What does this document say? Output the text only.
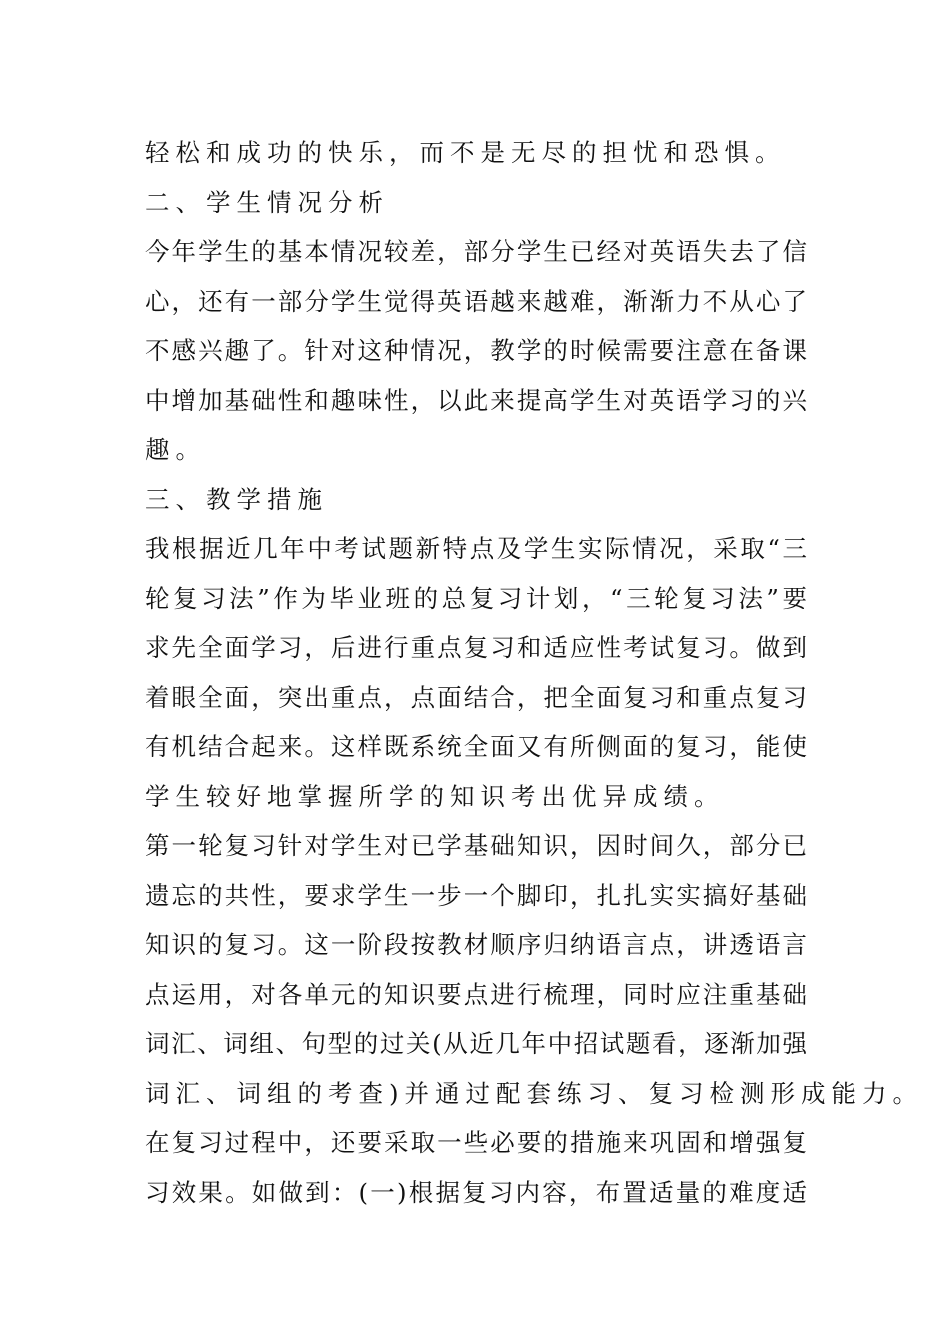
轻松和成功的快乐，而不是无尽的担忧和恐惧。
二、学生情况分析
今年学生的基本情况较差，部分学生已经对英语失去了信
心，还有一部分学生觉得英语越来越难，渐渐力不从心了
不感兴趣了。针对这种情况，教学的时候需要注意在备课
中增加基础性和趣味性，以此来提高学生对英语学习的兴
趣。
三、教学措施
我根据近几年中考试题新特点及学生实际情况，采取“三
轮复习法”作为毕业班的总复习计划，“三轮复习法”要
求先全面学习，后进行重点复习和适应性考试复习。做到
着眼全面，突出重点，点面结合，把全面复习和重点复习
有机结合起来。这样既系统全面又有所侧面的复习，能使
学生较好地掌握所学的知识考出优异成绩。
第一轮复习针对学生对已学基础知识，因时间久，部分已
遗忘的共性，要求学生一步一个脚印，扎扎实实搞好基础
知识的复习。这一阶段按教材顺序归纳语言点，讲透语言
点运用，对各单元的知识要点进行梳理，同时应注重基础
词汇、词组、句型的过关(从近几年中招试题看，逐渐加强
词汇、词组的考查)并通过配套练习、复习检测形成能力。
在复习过程中，还要采取一些必要的措施来巩固和增强复
习效果。如做到：(一)根据复习内容，布置适量的难度适
